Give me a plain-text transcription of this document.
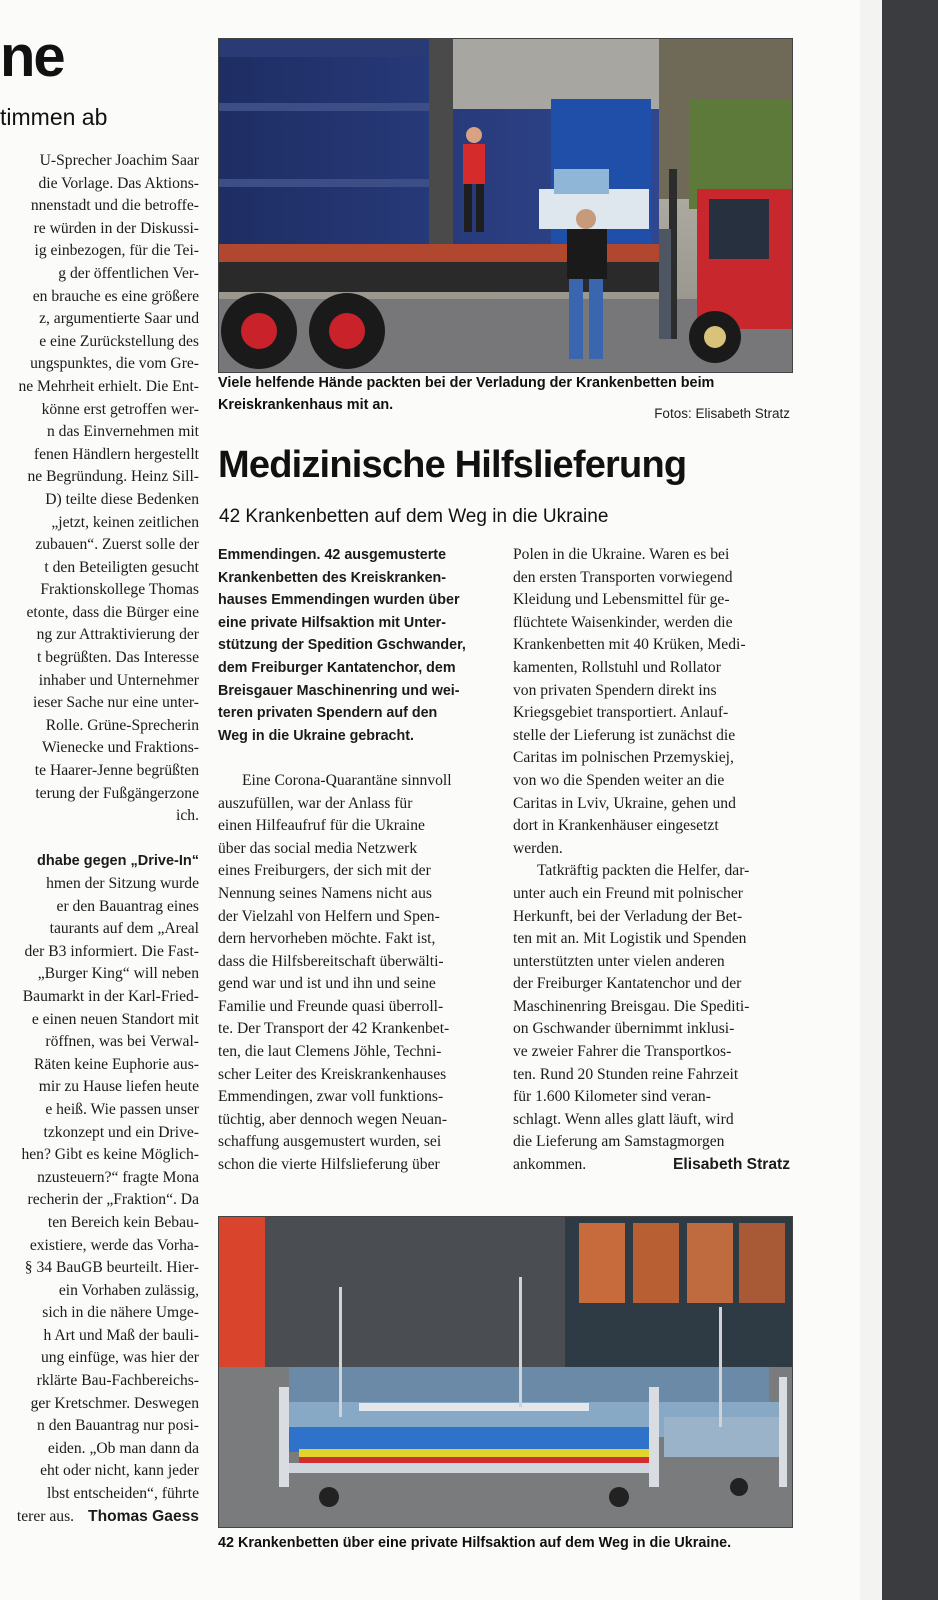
ne
timmen ab
U-Sprecher Joachim Saar
die Vorlage. Das Aktions-
nnenstadt und die betroffe-
re würden in der Diskussi-
ig einbezogen, für die Tei-
g der öffentlichen Ver-
en brauche es eine größere
z, argumentierte Saar und
e eine Zurückstellung des
ungspunktes, die vom Gre-
ne Mehrheit erhielt. Die Ent-
könne erst getroffen wer-
n das Einvernehmen mit
fenen Händlern hergestellt
ne Begründung. Heinz Sill-
D) teilte diese Bedenken
„jetzt, keinen zeitlichen
zubauen“. Zuerst solle der
t den Beteiligten gesucht
Fraktionskollege Thomas
etonte, dass die Bürger eine
ng zur Attraktivierung der
t begrüßten. Das Interesse
inhaber und Unternehmer
ieser Sache nur eine unter-
Rolle. Grüne-Sprecherin
Wienecke und Fraktions-
te Haarer-Jenne begrüßten
terung der Fußgängerzone
ich.
dhabe gegen „Drive-In“
hmen der Sitzung wurde
er den Bauantrag eines
taurants auf dem „Areal
der B3 informiert. Die Fast-
„Burger King“ will neben
Baumarkt in der Karl-Fried-
e einen neuen Standort mit
röffnen, was bei Verwal-
Räten keine Euphorie aus-
mir zu Hause liefen heute
e heiß. Wie passen unser
tzkonzept und ein Drive-
hen? Gibt es keine Möglich-
nzusteuern?“ fragte Mona
recherin der „Fraktion“. Da
ten Bereich kein Bebau-
existiere, werde das Vorha-
§ 34 BauGB beurteilt. Hier-
ein Vorhaben zulässig,
sich in die nähere Umge-
h Art und Maß der bauli-
ung einfüge, was hier der
rklärte Bau-Fachbereichs-
ger Kretschmer. Deswegen
n den Bauantrag nur posi-
eiden. „Ob man dann da
eht oder nicht, kann jeder
lbst entscheiden“, führte
terer aus. Thomas Gaess
Viele helfende Hände packten bei der Verladung der Krankenbetten beim Kreiskrankenhaus mit an.
Fotos: Elisabeth Stratz
Medizinische Hilfslieferung
42 Krankenbetten auf dem Weg in die Ukraine
Emmendingen. 42 ausgemusterte
Krankenbetten des Kreiskranken-
hauses Emmendingen wurden über
eine private Hilfsaktion mit Unter-
stützung der Spedition Gschwander,
dem Freiburger Kantatenchor, dem
Breisgauer Maschinenring und wei-
teren privaten Spendern auf den
Weg in die Ukraine gebracht.
Eine Corona-Quarantäne sinnvoll
auszufüllen, war der Anlass für
einen Hilfeaufruf für die Ukraine
über das social media Netzwerk
eines Freiburgers, der sich mit der
Nennung seines Namens nicht aus
der Vielzahl von Helfern und Spen-
dern hervorheben möchte. Fakt ist,
dass die Hilfsbereitschaft überwälti-
gend war und ist und ihn und seine
Familie und Freunde quasi überroll-
te. Der Transport der 42 Krankenbet-
ten, die laut Clemens Jöhle, Techni-
scher Leiter des Kreiskrankenhauses
Emmendingen, zwar voll funktions-
tüchtig, aber dennoch wegen Neuan-
schaffung ausgemustert wurden, sei
schon die vierte Hilfslieferung über
Polen in die Ukraine. Waren es bei
den ersten Transporten vorwiegend
Kleidung und Lebensmittel für ge-
flüchtete Waisenkinder, werden die
Krankenbetten mit 40 Krüken, Medi-
kamenten, Rollstuhl und Rollator
von privaten Spendern direkt ins
Kriegsgebiet transportiert. Anlauf-
stelle der Lieferung ist zunächst die
Caritas im polnischen Przemyskiej,
von wo die Spenden weiter an die
Caritas in Lviv, Ukraine, gehen und
dort in Krankenhäuser eingesetzt
werden.
Tatkräftig packten die Helfer, dar-
unter auch ein Freund mit polnischer
Herkunft, bei der Verladung der Bet-
ten mit an. Mit Logistik und Spenden
unterstützten unter vielen anderen
der Freiburger Kantatenchor und der
Maschinenring Breisgau. Die Spediti-
on Gschwander übernimmt inklusi-
ve zweier Fahrer die Transportkos-
ten. Rund 20 Stunden reine Fahrzeit
für 1.600 Kilometer sind veran-
schlagt. Wenn alles glatt läuft, wird
die Lieferung am Samstagmorgen
ankommen.	Elisabeth Stratz
42 Krankenbetten über eine private Hilfsaktion auf dem Weg in die Ukraine.
